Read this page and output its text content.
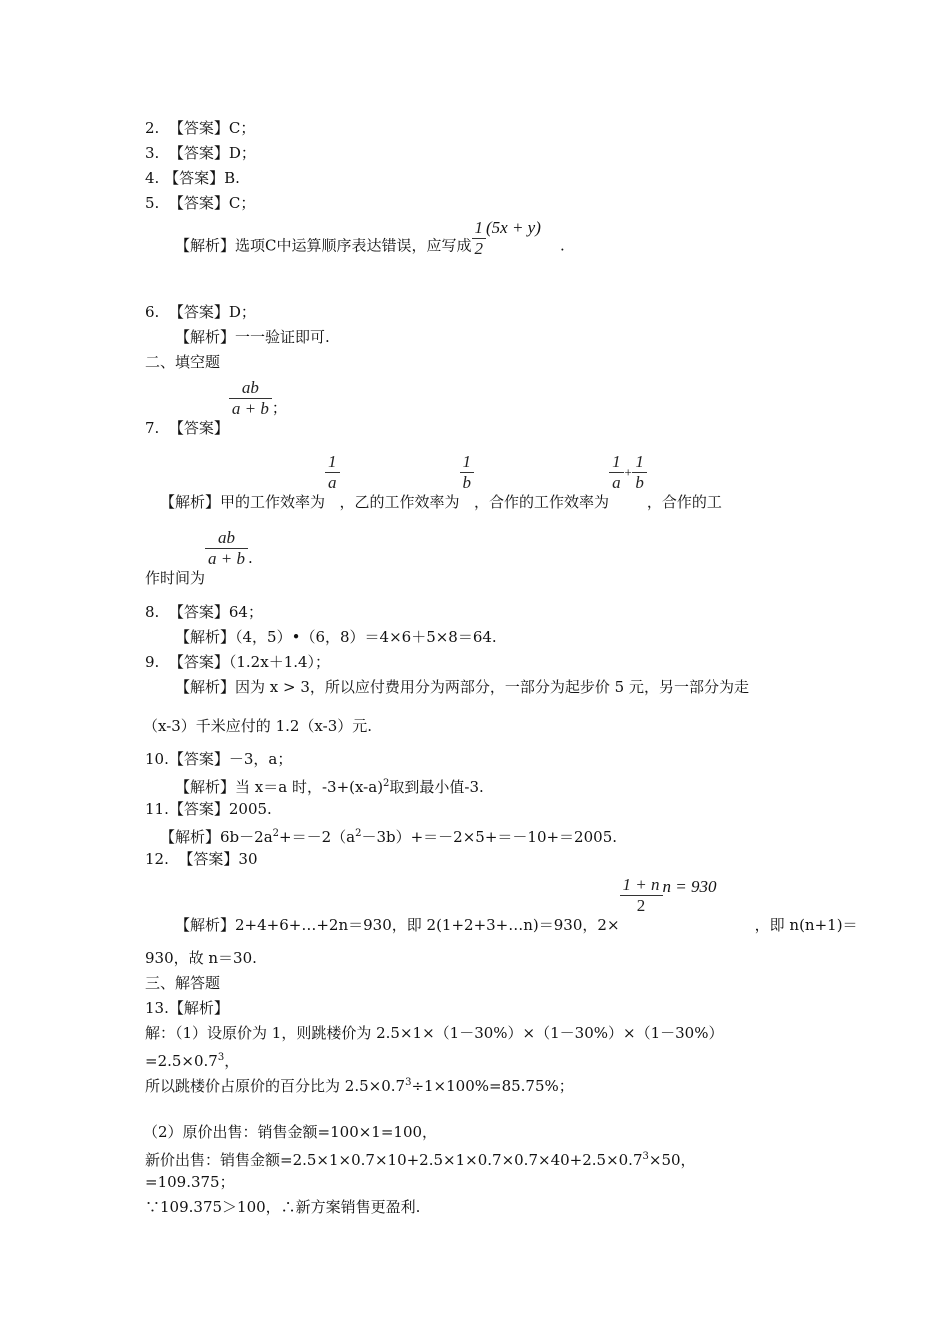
2. 【答案】C；
3. 【答案】D；
4. 【答案】B.
5. 【答案】C；
【解析】选项C中运算顺序表达错误，应写成 $\frac{1}{2} (5x + y)$    .
6. 【答案】D；
【解析】一一验证即可.
二、填空题
7. 【答案】
$\frac{ab}{a + b}$ ；
【解析】甲的工作效率为
$\frac{1}{a}$
，乙的工作效率为
$\frac{1}{b}$
，合作的工作效率为
$\frac{1}{a} + \frac{1}{b}$
，合作的工
作时间为
$\frac{ab}{a + b}$ .
8. 【答案】64；
【解析】（4，5）•（6，8）＝4×6＋5×8＝64.
9. 【答案】（1.2x＋1.4）；
【解析】因为 x > 3，所以应付费用分为两部分，一部分为起步价 5 元，另一部分为走
（x-3）千米应付的 1.2（x-3）元.
10.【答案】－3，a；
【解析】当 x＝a 时，$-3+(x-a)^2$取到最小值-3.
11.【答案】2005.
【解析】$6b-2a^2+=-2(a^2-3b)+=-2\times 5+=-10+=2005$.
12. 【答案】30
【解析】2+4+6+…+2n＝930，即 2(1+2+3+…n)＝930，2×
$\frac{1 + n}{2}$ n = 930        ，即 n(n+1)＝
930，故 n＝30.
三、解答题
13.【解析】
解：（1）设原价为 1，则跳楼价为 2.5×1×（1－30%）×（1－30%）×（1－30%）
$=2.5\times 0.7^3$，
所以跳楼价占原价的百分比为 $2.5\times 0.7^3\div 1\times 100\%=85.75\%$；
（2）原价出售：销售金额=100×1=100，
新价出售：销售金额$=2.5\times 1\times 0.7\times 10+2.5\times 1\times 0.7\times 0.7\times 40+2.5\times 0.7^3\times 50$，
=109.375；
∵109.375＞100，∴新方案销售更盈利.
